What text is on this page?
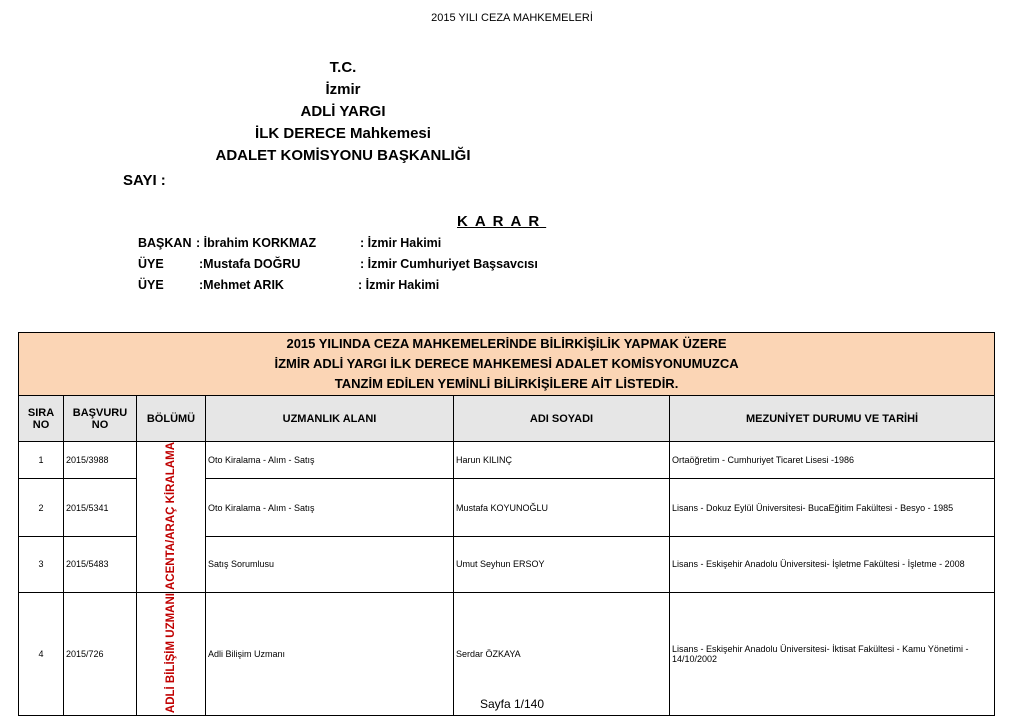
2015 YILI CEZA MAHKEMELERİ
T.C.
İzmir
ADLİ YARGI
İLK DERECE Mahkemesi
ADALET KOMİSYONU BAŞKANLIĞI
SAYI :
KARAR
BAŞKAN : İbrahim KORKMAZ	: İzmir Hakimi
ÜYE	:Mustafa DOĞRU	: İzmir Cumhuriyet Başsavcısı
ÜYE	:Mehmet ARIK	: İzmir Hakimi
2015 YILINDA CEZA MAHKEMELERİNDE BİLİRKİŞİLİK YAPMAK ÜZERE
İZMİR ADLİ YARGI İLK DERECE MAHKEMESİ ADALET KOMİSYONUMUZCA
TANZİM EDİLEN YEMİNLİ BİLİRKİŞİLERE AİT LİSTEDİR.					

SIRA NO	BAŞVURU NO	BÖLÜMÜ	UZMANLIK ALANI	ADI SOYADI	MEZUNİYET DURUMU VE TARİHİ
1	2015/3988	ACENTA/ARAÇ KİRALAMA	Oto Kiralama - Alım - Satış	Harun KILINÇ	Ortaöğretim - Cumhuriyet Ticaret Lisesi -1986
2	2015/5341		Oto Kiralama - Alım - Satış	Mustafa KOYUNOĞLU	Lisans - Dokuz Eylül Üniversitesi- BucaEğitim Fakültesi - Besyo - 1985
3	2015/5483		Satış Sorumlusu	Umut Seyhun ERSOY	Lisans - Eskişehir Anadolu Üniversitesi- İşletme Fakültesi - İşletme - 2008
4	2015/726	ADLİ BİLİŞİM UZMANI	Adli Bilişim Uzmanı	Serdar ÖZKAYA	Lisans - Eskişehir Anadolu Üniversitesi- İktisat Fakültesi - Kamu Yönetimi - 14/10/2002
Sayfa 1/140
